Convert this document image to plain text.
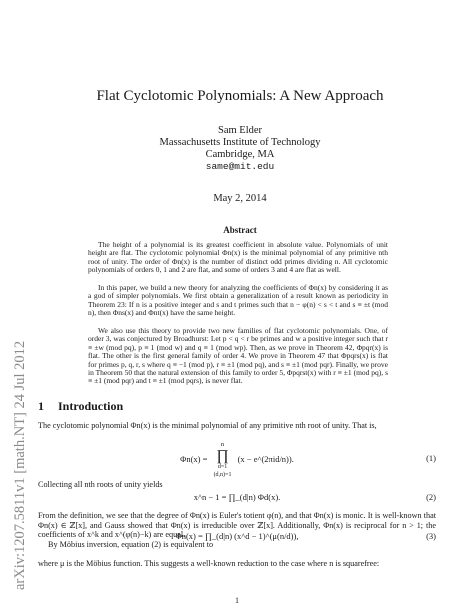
arXiv:1207.5811v1 [math.NT] 24 Jul 2012
Flat Cyclotomic Polynomials: A New Approach
Sam Elder
Massachusetts Institute of Technology
Cambridge, MA
same@mit.edu
May 2, 2014
Abstract
The height of a polynomial is its greatest coefficient in absolute value. Polynomials of unit height are flat. The cyclotomic polynomial Φn(x) is the minimal polynomial of any primitive nth root of unity. The order of Φn(x) is the number of distinct odd primes dividing n. All cyclotomic polynomials of orders 0, 1 and 2 are flat, and some of orders 3 and 4 are flat as well.
In this paper, we build a new theory for analyzing the coefficients of Φn(x) by considering it as a god of simpler polynomials. We first obtain a generalization of a result known as periodicity in Theorem 23: If n is a positive integer and s and t primes such that n − φ(n) < s < t and s ≡ ±t (mod n), then Φns(x) and Φnt(x) have the same height.
We also use this theory to provide two new families of flat cyclotomic polynomials. One, of order 3, was conjectured by Broadhurst: Let p < q < r be primes and w a positive integer such that r ≡ ±w (mod pq), p ≡ 1 (mod w) and q ≡ 1 (mod wp). Then, as we prove in Theorem 42, Φpqr(x) is flat. The other is the first general family of order 4. We prove in Theorem 47 that Φpqrs(x) is flat for primes p, q, r, s where q ≡ −1 (mod p), r ≡ ±1 (mod pq), and s ≡ ±1 (mod pqr). Finally, we prove in Theorem 50 that the natural extension of this family to order 5, Φpqrst(x) with r ≡ ±1 (mod pq), s ≡ ±1 (mod pqr) and t ≡ ±1 (mod pqrs), is never flat.
1 Introduction
The cyclotomic polynomial Φn(x) is the minimal polynomial of any primitive nth root of unity. That is,
Φn(x) =
n
∏
d=1
(d,n)=1
(x − e^(2πid/n)).	(1)
Collecting all nth roots of unity yields
x^n − 1 = ∏_(d|n) Φd(x).	(2)
From the definition, we see that the degree of Φn(x) is Euler's totient φ(n), and that Φn(x) is monic. It is well-known that Φn(x) ∈ ℤ[x], and Gauss showed that Φn(x) is irreducible over ℤ[x]. Additionally, Φn(x) is reciprocal for n > 1; the coefficients of x^k and x^(φ(n)−k) are equal.
By Möbius inversion, equation (2) is equivalent to
Φn(x) = ∏_(d|n) (x^d − 1)^(μ(n/d)),	(3)
where μ is the Möbius function. This suggests a well-known reduction to the case where n is squarefree:
1
